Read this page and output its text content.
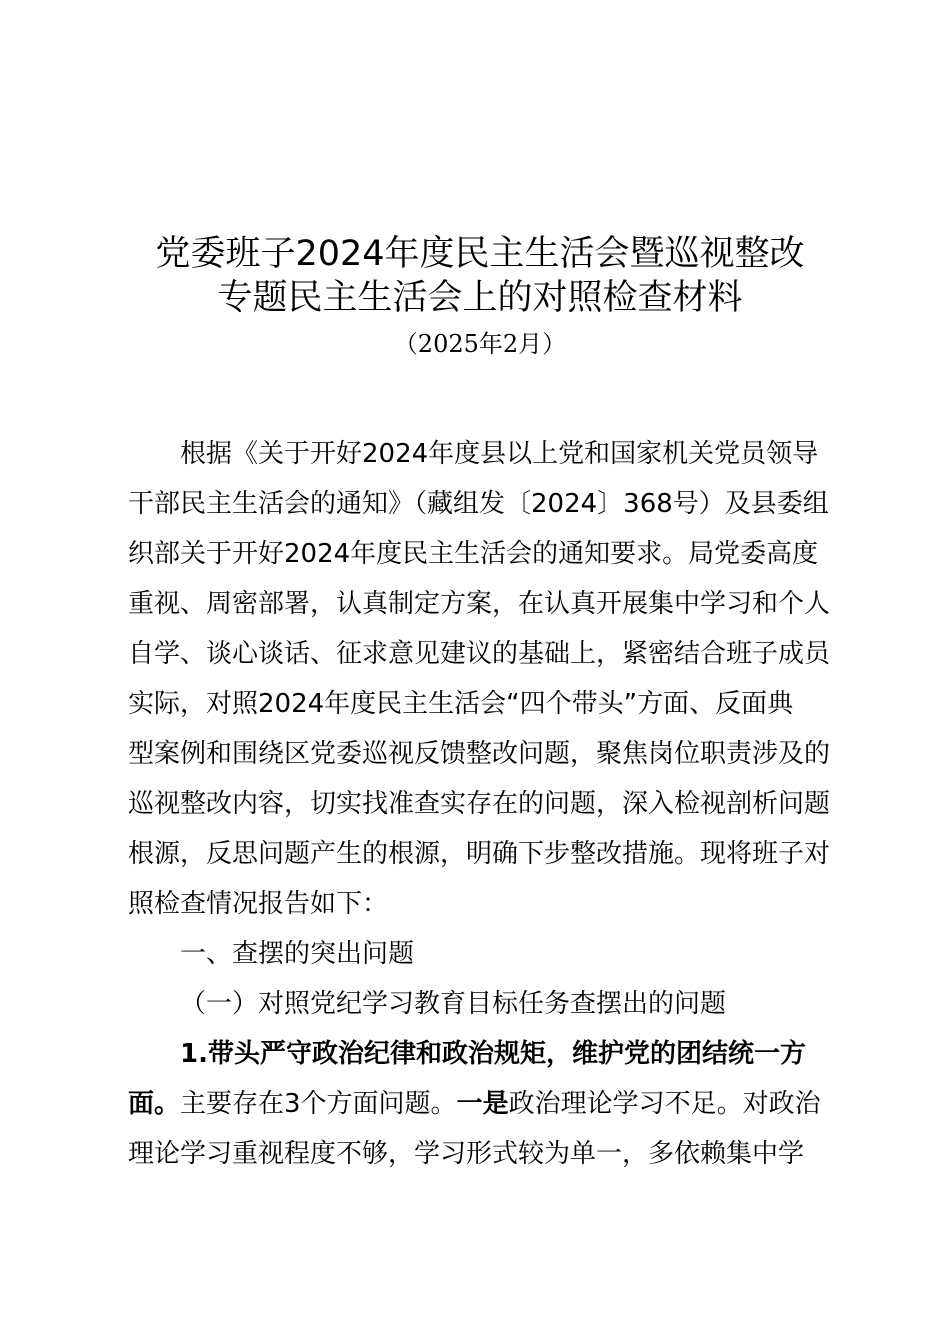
党委班子2024年度民主生活会暨巡视整改
专题民主生活会上的对照检查材料
（2025年2月）
根据《关于开好2024年度县以上党和国家机关党员领导
干部民主生活会的通知》（藏组发〔2024〕368号）及县委组
织部关于开好2024年度民主生活会的通知要求。局党委高度
重视、周密部署，认真制定方案，在认真开展集中学习和个人
自学、谈心谈话、征求意见建议的基础上，紧密结合班子成员
实际，对照2024年度民主生活会“四个带头”方面、反面典
型案例和围绕区党委巡视反馈整改问题，聚焦岗位职责涉及的
巡视整改内容，切实找准查实存在的问题，深入检视剖析问题
根源，反思问题产生的根源，明确下步整改措施。现将班子对
照检查情况报告如下：
一、查摆的突出问题
（一）对照党纪学习教育目标任务查摆出的问题
1.带头严守政治纪律和政治规矩，维护党的团结统一方
面。主要存在3个方面问题。一是政治理论学习不足。对政治
理论学习重视程度不够，学习形式较为单一，多依赖集中学
